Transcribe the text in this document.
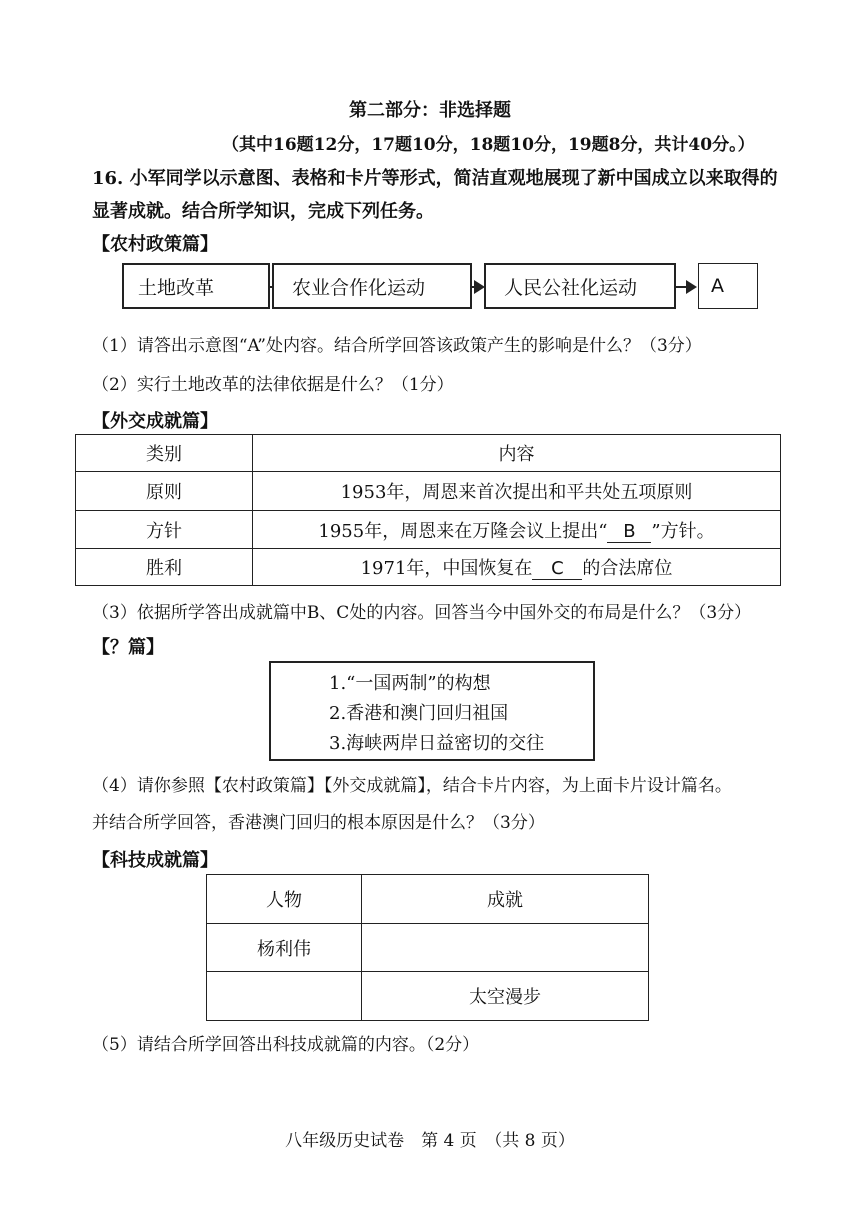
第二部分：非选择题
（其中16题12分，17题10分，18题10分，19题8分，共计40分。）
16. 小军同学以示意图、表格和卡片等形式，简洁直观地展现了新中国成立以来取得的
显著成就。结合所学知识，完成下列任务。
【农村政策篇】
土地改革	农业合作化运动	人民公社化运动	A
（1）请答出示意图“A”处内容。结合所学回答该政策产生的影响是什么？（3分）
（2）实行土地改革的法律依据是什么？（1分）
【外交成就篇】
类别	内容
原则	1953年，周恩来首次提出和平共处五项原则
方针	1955年，周恩来在万隆会议上提出“ B ”方针。
胜利	1971年，中国恢复在 C 的合法席位
（3）依据所学答出成就篇中B、C处的内容。回答当今中国外交的布局是什么？（3分）
【？篇】
1.“一国两制”的构想
2.香港和澳门回归祖国
3.海峡两岸日益密切的交往
（4）请你参照【农村政策篇】【外交成就篇】，结合卡片内容，为上面卡片设计篇名。
并结合所学回答，香港澳门回归的根本原因是什么？（3分）
【科技成就篇】
人物	成就
杨利伟	
	太空漫步
（5）请结合所学回答出科技成就篇的内容。（2分）
八年级历史试卷　第 4 页　（共 8 页）
